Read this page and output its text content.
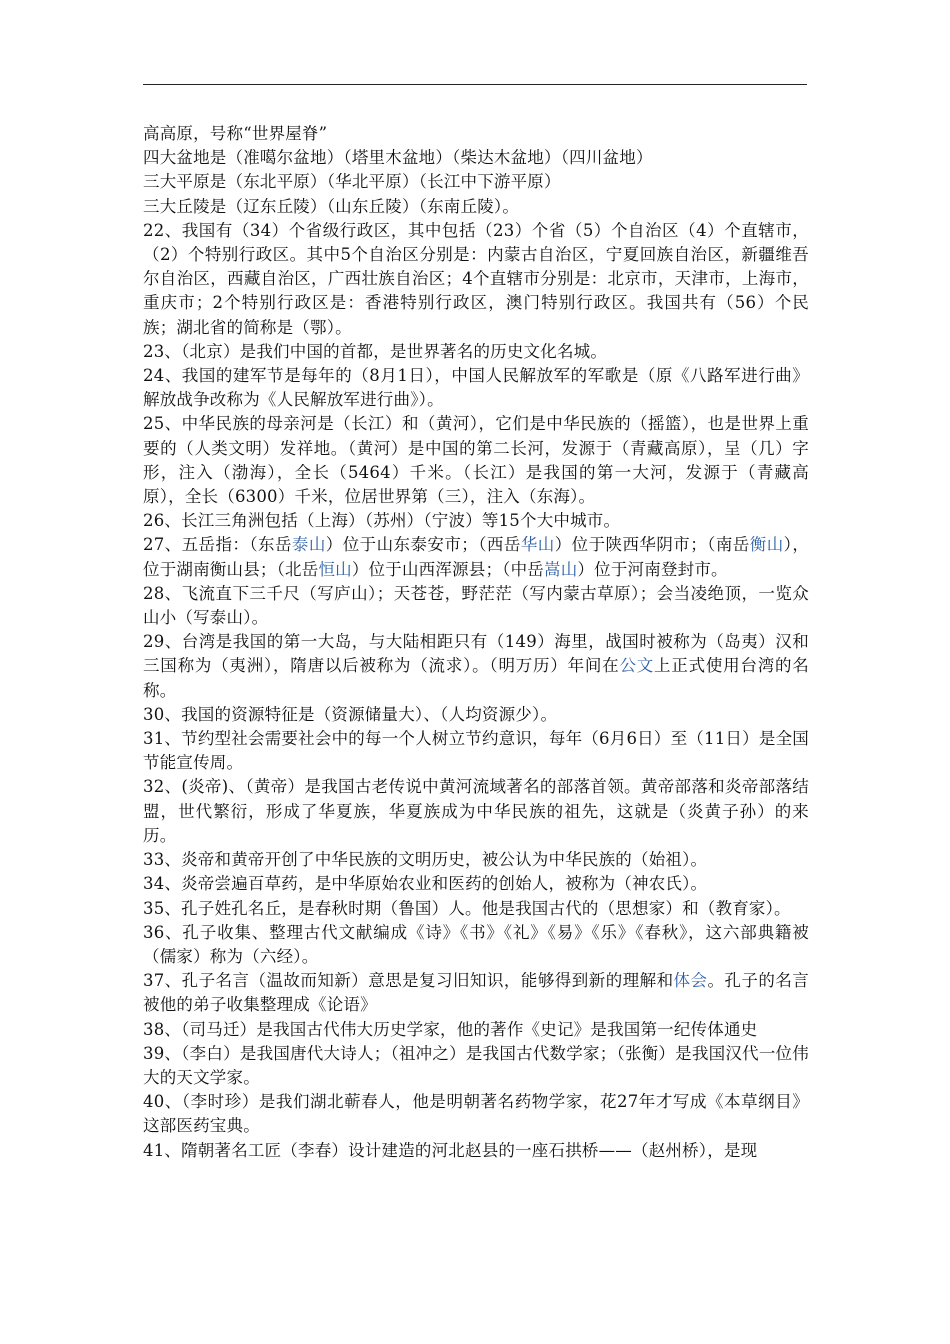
高高原，号称“世界屋脊”

四大盆地是（准噶尔盆地）（塔里木盆地）（柴达木盆地）（四川盆地）

三大平原是（东北平原）（华北平原）（长江中下游平原）

三大丘陵是（辽东丘陵）（山东丘陵）（东南丘陵）。

22、我国有（34）个省级行政区，其中包括（23）个省（5）个自治区（4）个直辖市，（2）个特别行政区。其中5个自治区分别是：内蒙古自治区，宁夏回族自治区，新疆维吾尔自治区，西藏自治区，广西壮族自治区；4个直辖市分别是：北京市，天津市，上海市，重庆市；2个特别行政区是：香港特别行政区，澳门特别行政区。我国共有（56）个民族；湖北省的简称是（鄂）。

23、（北京）是我们中国的首都，是世界著名的历史文化名城。

24、我国的建军节是每年的（8月1日），中国人民解放军的军歌是（原《八路军进行曲》解放战争改称为《人民解放军进行曲》）。

25、中华民族的母亲河是（长江）和（黄河），它们是中华民族的（摇篮），也是世界上重要的（人类文明）发祥地。（黄河）是中国的第二长河，发源于（青藏高原），呈（几）字形，注入（渤海），全长（5464）千米。（长江）是我国的第一大河，发源于（青藏高原），全长（6300）千米，位居世界第（三），注入（东海）。

26、长江三角洲包括（上海）（苏州）（宁波）等15个大中城市。

27、五岳指：（东岳泰山）位于山东泰安市；（西岳华山）位于陕西华阴市；（南岳衡山），位于湖南衡山县；（北岳恒山）位于山西浑源县；（中岳嵩山）位于河南登封市。

28、飞流直下三千尺（写庐山）；天苍苍，野茫茫（写内蒙古草原）；会当凌绝顶，一览众山小（写泰山）。

29、台湾是我国的第一大岛，与大陆相距只有（149）海里，战国时被称为（岛夷）汉和三国称为（夷洲），隋唐以后被称为（流求）。（明万历）年间在公文上正式使用台湾的名称。

30、我国的资源特征是（资源储量大）、（人均资源少）。

31、节约型社会需要社会中的每一个人树立节约意识，每年（6月6日）至（11日）是全国节能宣传周。

32、(炎帝)、（黄帝）是我国古老传说中黄河流域著名的部落首领。黄帝部落和炎帝部落结盟，世代繁衍，形成了华夏族，华夏族成为中华民族的祖先，这就是（炎黄子孙）的来历。

33、炎帝和黄帝开创了中华民族的文明历史，被公认为中华民族的（始祖）。

34、炎帝尝遍百草药，是中华原始农业和医药的创始人，被称为（神农氏）。

35、孔子姓孔名丘，是春秋时期（鲁国）人。他是我国古代的（思想家）和（教育家）。

36、孔子收集、整理古代文献编成《诗》《书》《礼》《易》《乐》《春秋》，这六部典籍被（儒家）称为（六经）。

37、孔子名言（温故而知新）意思是复习旧知识，能够得到新的理解和体会。孔子的名言被他的弟子收集整理成《论语》

38、（司马迁）是我国古代伟大历史学家，他的著作《史记》是我国第一纪传体通史

39、（李白）是我国唐代大诗人；（祖冲之）是我国古代数学家；（张衡）是我国汉代一位伟大的天文学家。

40、（李时珍）是我们湖北蕲春人，他是明朝著名药物学家，花27年才写成《本草纲目》这部医药宝典。

41、隋朝著名工匠（李春）设计建造的河北赵县的一座石拱桥——（赵州桥），是现
